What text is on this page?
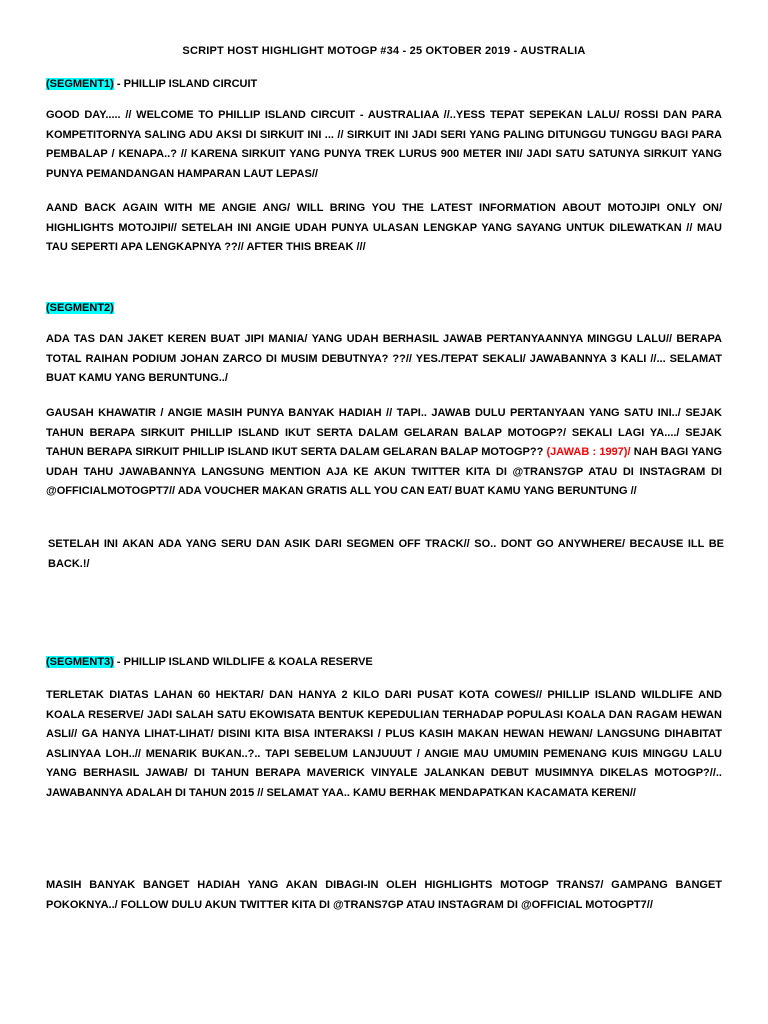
SCRIPT HOST HIGHLIGHT MOTOGP #34 - 25 OKTOBER 2019 - AUSTRALIA
(SEGMENT1) - PHILLIP ISLAND CIRCUIT
GOOD DAY..... // WELCOME TO PHILLIP ISLAND CIRCUIT - AUSTRALIAA //..YESS TEPAT SEPEKAN LALU/ ROSSI DAN PARA KOMPETITORNYA SALING ADU AKSI DI SIRKUIT INI ... // SIRKUIT INI JADI SERI YANG PALING DITUNGGU TUNGGU BAGI PARA PEMBALAP / KENAPA..? // KARENA SIRKUIT YANG PUNYA TREK LURUS 900 METER INI/ JADI SATU SATUNYA SIRKUIT YANG PUNYA PEMANDANGAN HAMPARAN LAUT LEPAS//
AAND BACK AGAIN WITH ME ANGIE ANG/ WILL BRING YOU THE LATEST INFORMATION ABOUT MOTOJIPI ONLY ON/ HIGHLIGHTS MOTOJIPI// SETELAH INI ANGIE UDAH PUNYA ULASAN LENGKAP YANG SAYANG UNTUK DILEWATKAN // MAU TAU SEPERTI APA LENGKAPNYA ??// AFTER THIS BREAK ///
(SEGMENT2)
ADA TAS DAN JAKET KEREN BUAT JIPI MANIA/ YANG UDAH BERHASIL JAWAB PERTANYAANNYA MINGGU LALU// BERAPA TOTAL RAIHAN PODIUM JOHAN ZARCO DI MUSIM DEBUTNYA? ??// YES./TEPAT SEKALI/ JAWABANNYA 3 KALI //... SELAMAT BUAT KAMU YANG BERUNTUNG../
GAUSAH KHAWATIR / ANGIE MASIH PUNYA BANYAK HADIAH // TAPI.. JAWAB DULU PERTANYAAN YANG SATU INI../ SEJAK TAHUN BERAPA SIRKUIT PHILLIP ISLAND IKUT SERTA DALAM GELARAN BALAP MOTOGP?/ SEKALI LAGI YA..../ SEJAK TAHUN BERAPA SIRKUIT PHILLIP ISLAND IKUT SERTA DALAM GELARAN BALAP MOTOGP?? (JAWAB : 1997)/ NAH BAGI YANG UDAH TAHU JAWABANNYA LANGSUNG MENTION AJA KE AKUN TWITTER KITA DI @TRANS7GP ATAU DI INSTAGRAM DI @OFFICIALMOTOGPT7// ADA VOUCHER MAKAN GRATIS ALL YOU CAN EAT/ BUAT KAMU YANG BERUNTUNG //
SETELAH INI AKAN ADA YANG SERU DAN ASIK DARI SEGMEN OFF TRACK// SO.. DONT GO ANYWHERE/ BECAUSE ILL BE BACK.!/
(SEGMENT3) - PHILLIP ISLAND WILDLIFE & KOALA RESERVE
TERLETAK DIATAS LAHAN 60 HEKTAR/ DAN HANYA 2 KILO DARI PUSAT KOTA COWES// PHILLIP ISLAND WILDLIFE AND KOALA RESERVE/ JADI SALAH SATU EKOWISATA BENTUK KEPEDULIAN TERHADAP POPULASI KOALA DAN RAGAM HEWAN ASLI// GA HANYA LIHAT-LIHAT/ DISINI KITA BISA INTERAKSI / PLUS KASIH MAKAN HEWAN HEWAN/ LANGSUNG DIHABITAT ASLINYAA LOH..// MENARIK BUKAN..?.. TAPI SEBELUM LANJUUUT / ANGIE MAU UMUMIN PEMENANG KUIS MINGGU LALU YANG BERHASIL JAWAB/ DI TAHUN BERAPA MAVERICK VINYALE JALANKAN DEBUT MUSIMNYA DIKELAS MOTOGP?//.. JAWABANNYA ADALAH DI TAHUN 2015 // SELAMAT YAA.. KAMU BERHAK MENDAPATKAN KACAMATA KEREN//
MASIH BANYAK BANGET HADIAH YANG AKAN DIBAGI-IN OLEH HIGHLIGHTS MOTOGP TRANS7/ GAMPANG BANGET POKOKNYA../ FOLLOW DULU AKUN TWITTER KITA DI @TRANS7GP ATAU INSTAGRAM DI @OFFICIAL MOTOGPT7//
